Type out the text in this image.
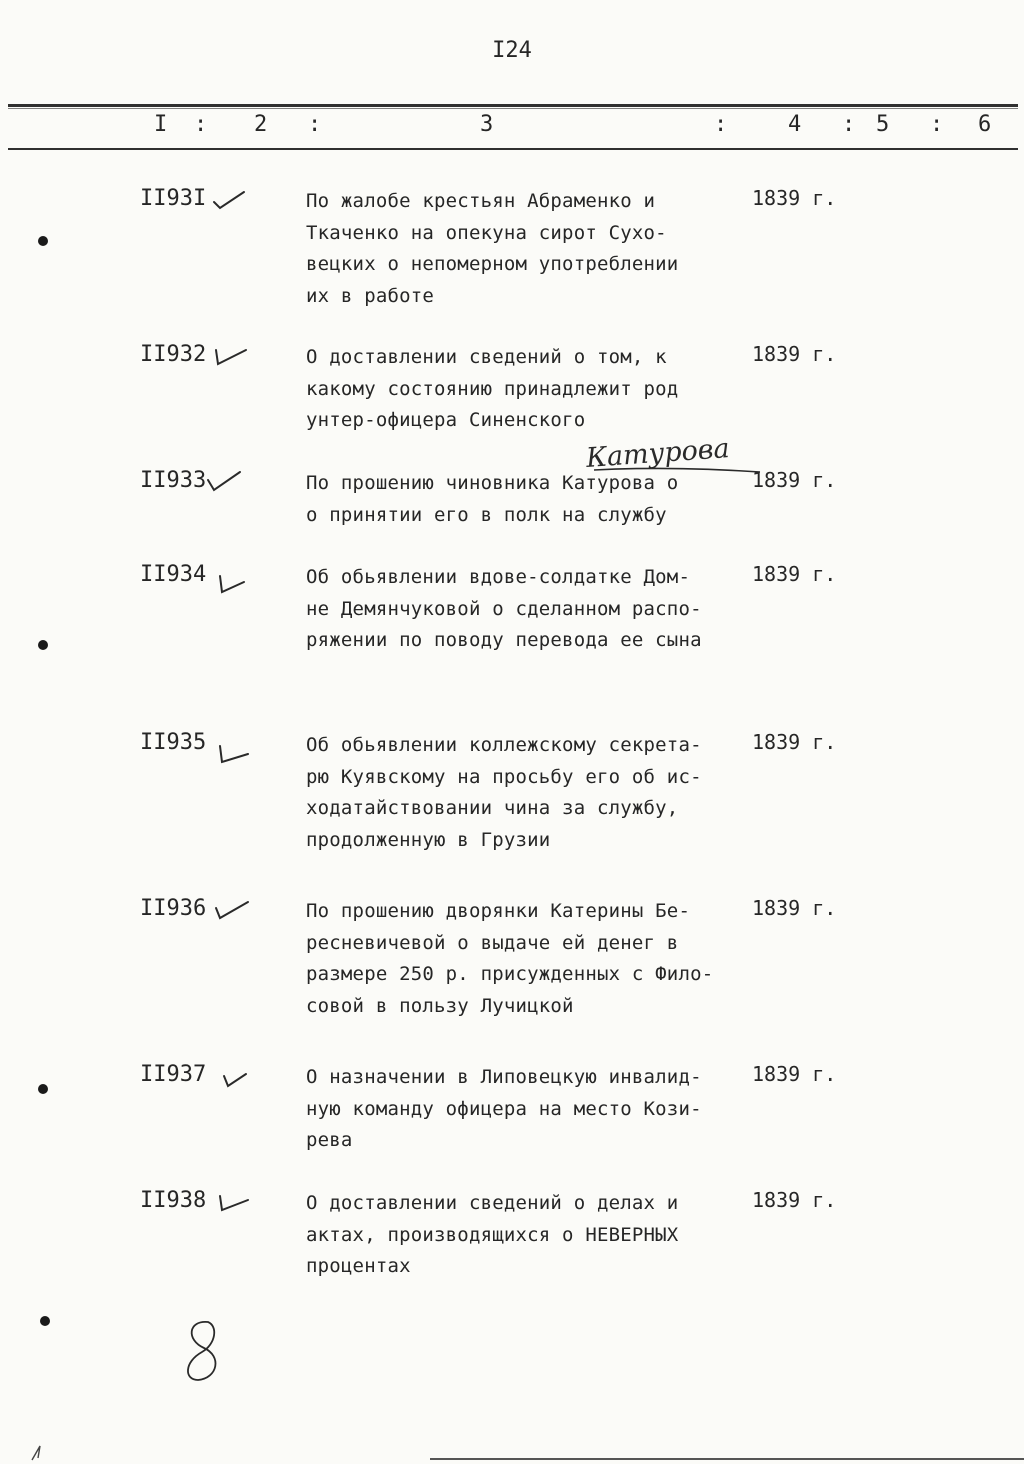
I24
I : 2 :	3	:	4 : 5 : 6
II93I	По жалобе крестьян Абраменко и
Ткаченко на опекуна сирот Сухо-
вецких о непомерном употреблении
их в работе
1839 г.
II932	О доставлении сведений о том, к
какому состоянию принадлежит род
унтер-офицера Синенского
1839 г.
II933	По прошению чиновника Катурова о
о принятии его в полк на службу
1839 г.
Катурова
II934	Об обьявлении вдове-солдатке Дом-
не Демянчуковой о сделанном распо-
ряжении по поводу перевода ее сына
1839 г.
II935	Об обьявлении коллежскому секрета-
рю Куявскому на просьбу его об ис-
ходатайствовании чина за службу,
продолженную в Грузии
1839 г.
II936	По прошению дворянки Катерины Бе-
ресневичевой о выдаче ей денег в
размере 250 р. присужденных с Фило-
совой в пользу Лучицкой
1839 г.
II937	О назначении в Липовецкую инвалид-
ную команду офицера на место Кози-
рева
1839 г.
II938	О доставлении сведений о делах и
актах, производящихся о НЕВЕРНЫХ
процентах
1839 г.
